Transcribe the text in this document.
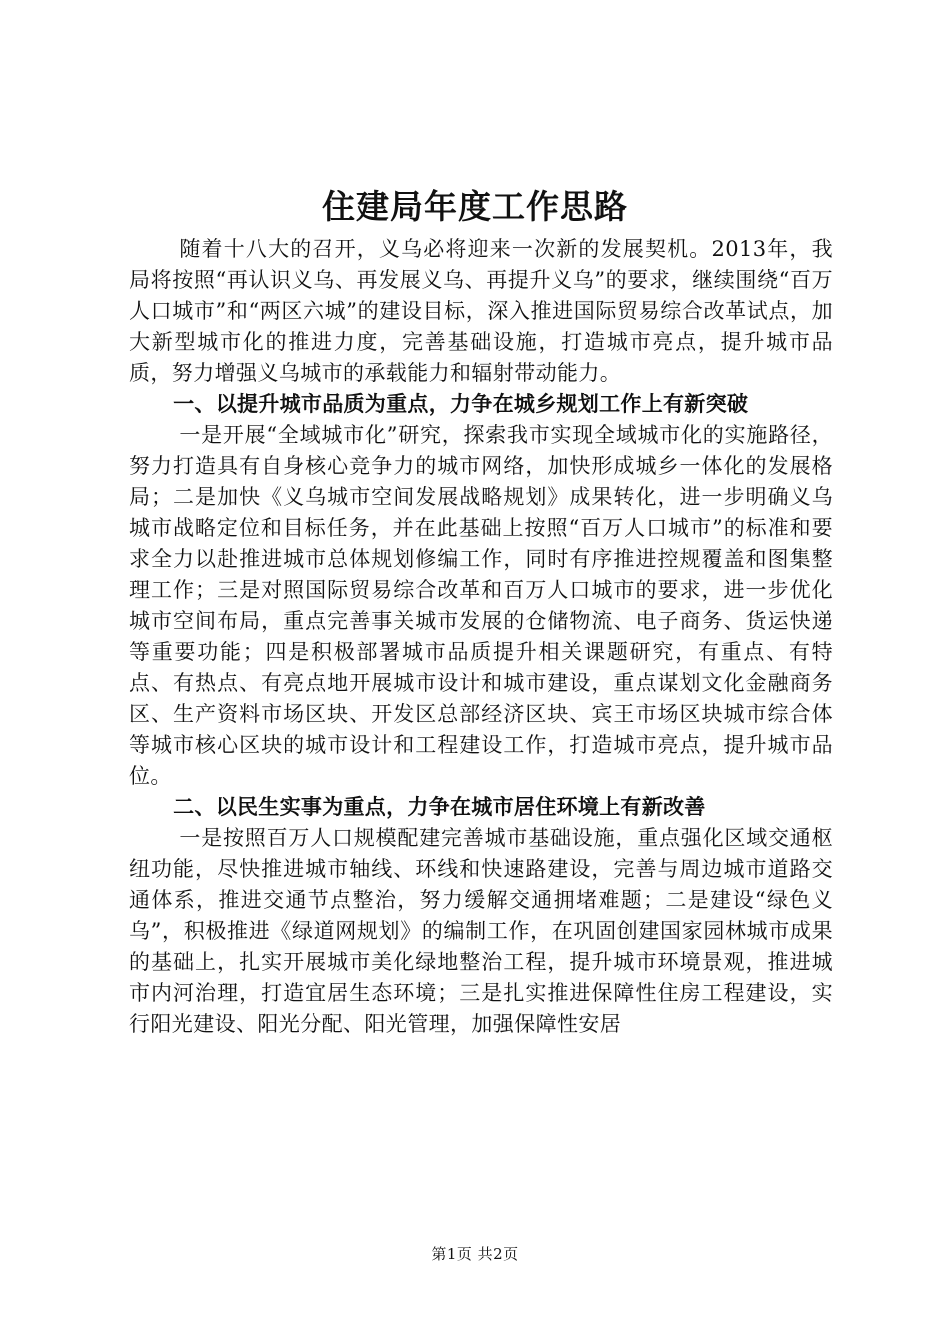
住建局年度工作思路

随着十八大的召开，义乌必将迎来一次新的发展契机。2013年，我局将按照“再认识义乌、再发展义乌、再提升义乌”的要求，继续围绕“百万人口城市”和“两区六城”的建设目标，深入推进国际贸易综合改革试点，加大新型城市化的推进力度，完善基础设施，打造城市亮点，提升城市品质，努力增强义乌城市的承载能力和辐射带动能力。

一、以提升城市品质为重点，力争在城乡规划工作上有新突破

一是开展“全域城市化”研究，探索我市实现全域城市化的实施路径，努力打造具有自身核心竞争力的城市网络，加快形成城乡一体化的发展格局；二是加快《义乌城市空间发展战略规划》成果转化，进一步明确义乌城市战略定位和目标任务，并在此基础上按照“百万人口城市”的标准和要求全力以赴推进城市总体规划修编工作，同时有序推进控规覆盖和图集整理工作；三是对照国际贸易综合改革和百万人口城市的要求，进一步优化城市空间布局，重点完善事关城市发展的仓储物流、电子商务、货运快递等重要功能；四是积极部署城市品质提升相关课题研究，有重点、有特点、有热点、有亮点地开展城市设计和城市建设，重点谋划文化金融商务区、生产资料市场区块、开发区总部经济区块、宾王市场区块城市综合体等城市核心区块的城市设计和工程建设工作，打造城市亮点，提升城市品位。

二、以民生实事为重点，力争在城市居住环境上有新改善

一是按照百万人口规模配建完善城市基础设施，重点强化区域交通枢纽功能，尽快推进城市轴线、环线和快速路建设，完善与周边城市道路交通体系，推进交通节点整治，努力缓解交通拥堵难题；二是建设“绿色义乌”，积极推进《绿道网规划》的编制工作，在巩固创建国家园林城市成果的基础上，扎实开展城市美化绿地整治工程，提升城市环境景观，推进城市内河治理，打造宜居生态环境；三是扎实推进保障性住房工程建设，实行阳光建设、阳光分配、阳光管理，加强保障性安居

第1页 共2页
